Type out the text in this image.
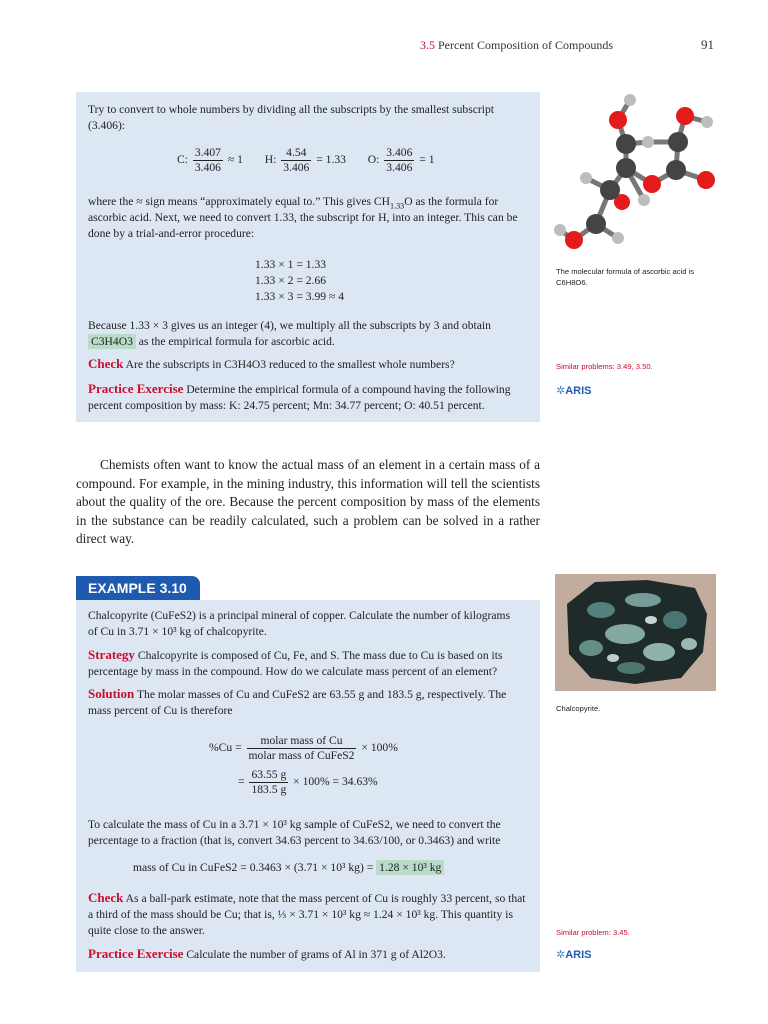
3.5 Percent Composition of Compounds	91
Try to convert to whole numbers by dividing all the subscripts by the smallest subscript (3.406):
C: $\frac{3.407}{3.406} \approx 1$ H: $\frac{4.54}{3.406} = 1.33$ O: $\frac{3.406}{3.406} = 1$
where the ≈ sign means “approximately equal to.” This gives $CH_{1.33}O$ as the formula for ascorbic acid. Next, we need to convert 1.33, the subscript for H, into an integer. This can be done by a trial-and-error procedure:
1.33 × 1 = 1.33
1.33 × 2 = 2.66
1.33 × 3 = 3.99 ≈ 4
Because 1.33 × 3 gives us an integer (4), we multiply all the subscripts by 3 and obtain C3H4O3 as the empirical formula for ascorbic acid.
Check Are the subscripts in C3H4O3 reduced to the smallest whole numbers?
Practice Exercise Determine the empirical formula of a compound having the following percent composition by mass: K: 24.75 percent; Mn: 34.77 percent; O: 40.51 percent.
The molecular formula of ascorbic acid is C6H8O6.
Similar problems: 3.49, 3.50.
✲ARIS
Chemists often want to know the actual mass of an element in a certain mass of a compound. For example, in the mining industry, this information will tell the scientists about the quality of the ore. Because the percent composition by mass of the elements in the substance can be readily calculated, such a problem can be solved in a rather direct way.
EXAMPLE 3.10
Chalcopyrite (CuFeS2) is a principal mineral of copper. Calculate the number of kilograms of Cu in 3.71 × 10³ kg of chalcopyrite.
Strategy Chalcopyrite is composed of Cu, Fe, and S. The mass due to Cu is based on its percentage by mass in the compound. How do we calculate mass percent of an element?
Solution The molar masses of Cu and CuFeS2 are 63.55 g and 183.5 g, respectively. The mass percent of Cu is therefore
$\%Cu = \frac{\text{molar mass of Cu}}{\text{molar mass of CuFeS2}} \times 100\%$
= $\frac{63.55 g}{183.5 g} \times 100\% = 34.63\%$
To calculate the mass of Cu in a 3.71 × 10³ kg sample of CuFeS2, we need to convert the percentage to a fraction (that is, convert 34.63 percent to 34.63/100, or 0.3463) and write
mass of Cu in CuFeS2 = 0.3463 × (3.71 × 10³ kg) = 1.28 × 10³ kg
Check As a ball-park estimate, note that the mass percent of Cu is roughly 33 percent, so that a third of the mass should be Cu; that is, ⅓ × 3.71 × 10³ kg ≈ 1.24 × 10³ kg. This quantity is quite close to the answer.
Practice Exercise Calculate the number of grams of Al in 371 g of Al2O3.
Chalcopyrite.
Similar problem: 3.45.
✲ARIS
